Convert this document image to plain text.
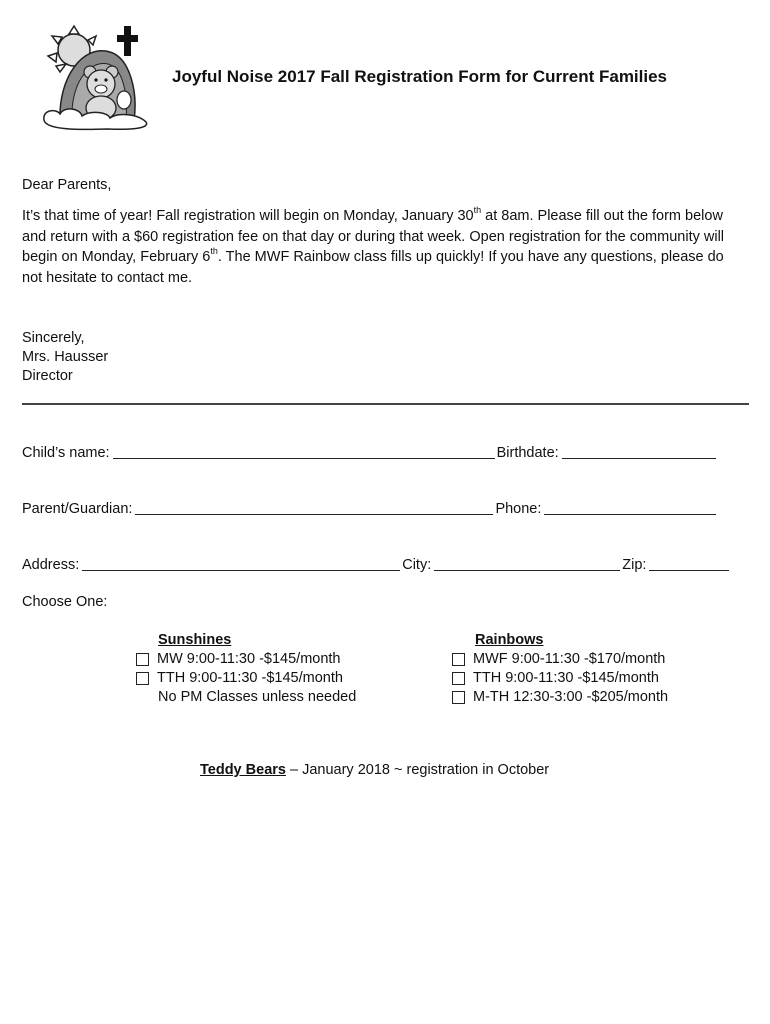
Joyful Noise 2017 Fall Registration Form for Current Families
Dear Parents,
It’s that time of year! Fall registration will begin on Monday, January 30th at 8am. Please fill out the form below and return with a $60 registration fee on that day or during that week. Open registration for the community will begin on Monday, February 6th. The MWF Rainbow class fills up quickly! If you have any questions, please do not hesitate to contact me.
Sincerely,
Mrs. Hausser
Director
Child’s name:	Birthdate:
Parent/Guardian:	Phone:
Address:	City:	Zip:
Choose One:
Sunshines
MW 9:00-11:30 -$145/month
TTH 9:00-11:30 -$145/month
No PM Classes unless needed
Rainbows
MWF 9:00-11:30 -$170/month
TTH 9:00-11:30 -$145/month
M-TH 12:30-3:00 -$205/month
Teddy Bears – January 2018 ~ registration in October
